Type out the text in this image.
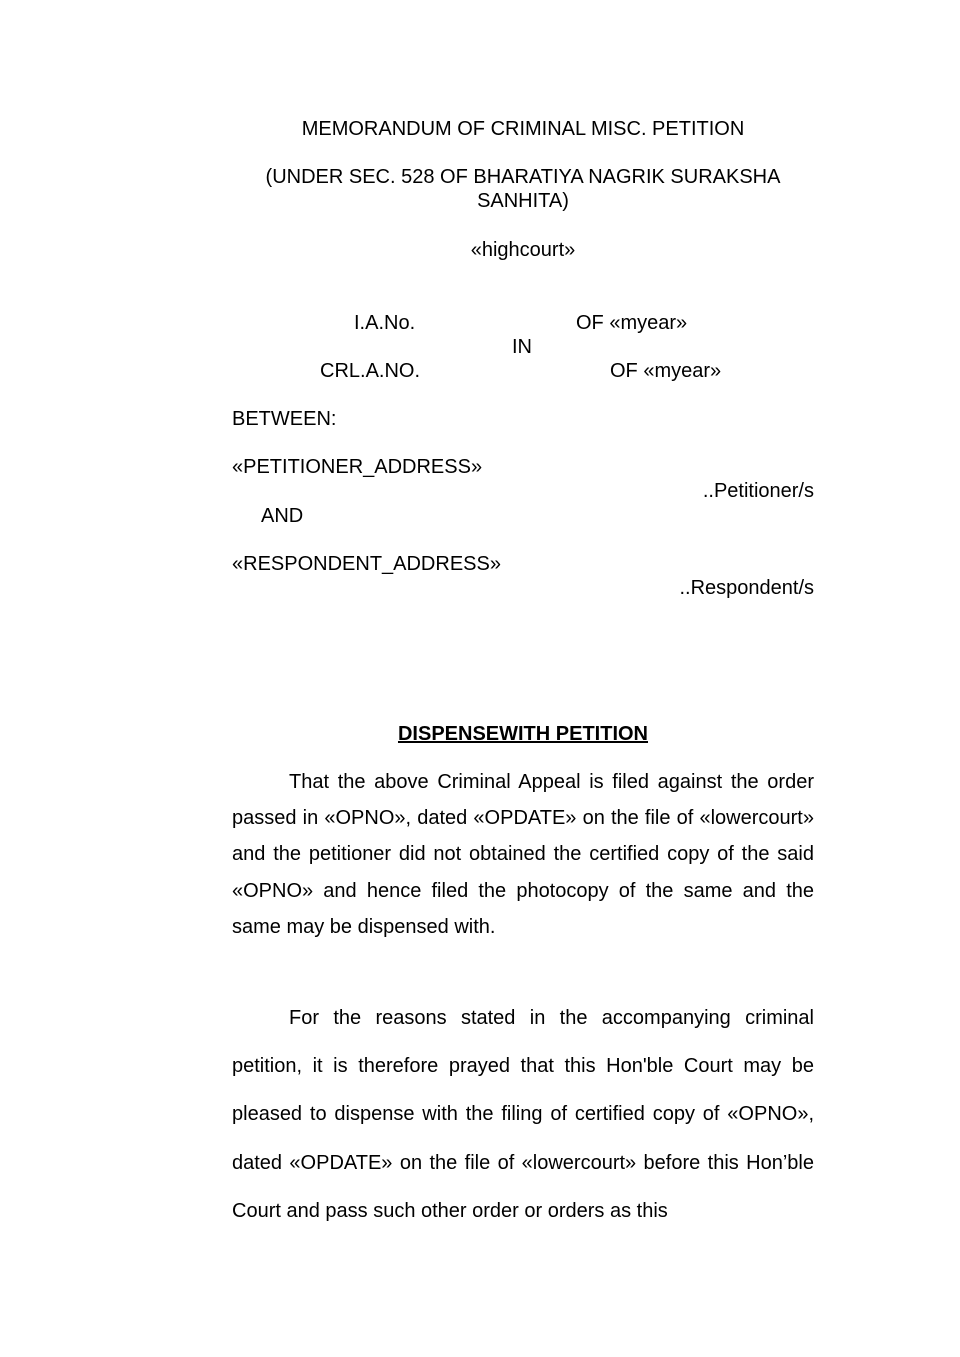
MEMORANDUM OF CRIMINAL MISC. PETITION
(UNDER SEC. 528 OF BHARATIYA NAGRIK SURAKSHA SANHITA)
«highcourt»
I.A.No.	OF «myear»
IN
CRL.A.NO.	OF «myear»
BETWEEN:
«PETITIONER_ADDRESS»
..Petitioner/s
AND
«RESPONDENT_ADDRESS»
..Respondent/s
DISPENSEWITH PETITION
That the above Criminal Appeal is filed against the order passed in «OPNO», dated «OPDATE» on the file of «lowercourt» and the petitioner did not obtained the certified copy of the said «OPNO» and hence filed the photocopy of the same and the same may be dispensed with.
For the reasons stated in the accompanying criminal petition, it is therefore prayed that this Hon'ble Court may be pleased to dispense with the filing of certified copy of «OPNO», dated «OPDATE» on the file of «lowercourt» before this Hon’ble Court and pass such other order or orders as this
